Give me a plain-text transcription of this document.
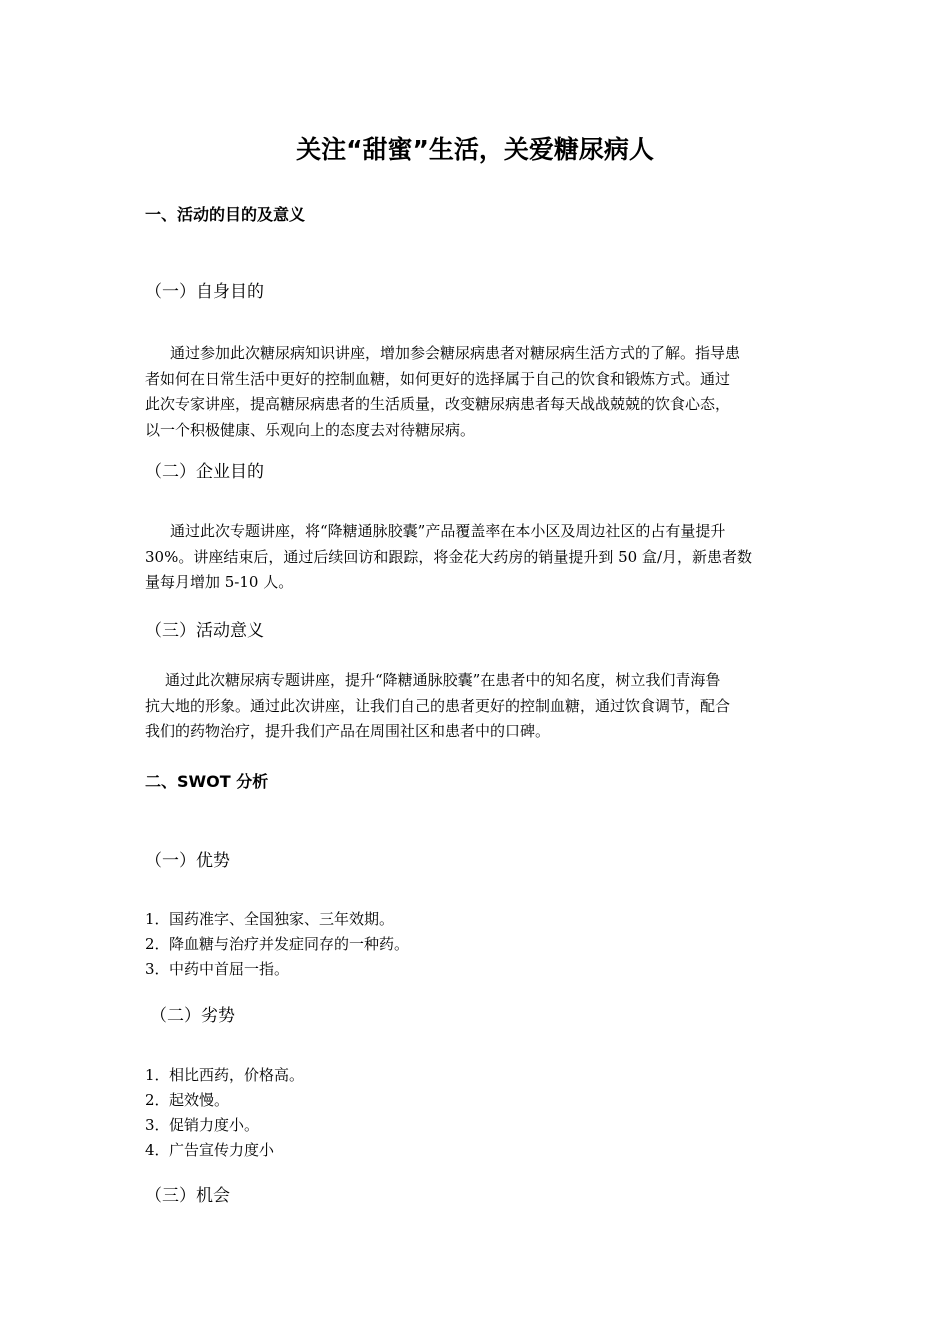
关注“甜蜜”生活，关爱糖尿病人
一、活动的目的及意义
（一）自身目的
通过参加此次糖尿病知识讲座，增加参会糖尿病患者对糖尿病生活方式的了解。指导患
者如何在日常生活中更好的控制血糖，如何更好的选择属于自己的饮食和锻炼方式。通过
此次专家讲座，提高糖尿病患者的生活质量，改变糖尿病患者每天战战兢兢的饮食心态，
以一个积极健康、乐观向上的态度去对待糖尿病。
（二）企业目的
通过此次专题讲座，将“降糖通脉胶囊”产品覆盖率在本小区及周边社区的占有量提升
30%。讲座结束后，通过后续回访和跟踪，将金花大药房的销量提升到 50 盒/月，新患者数
量每月增加 5-10 人。
（三）活动意义
通过此次糖尿病专题讲座，提升“降糖通脉胶囊”在患者中的知名度，树立我们青海鲁
抗大地的形象。通过此次讲座，让我们自己的患者更好的控制血糖，通过饮食调节，配合
我们的药物治疗，提升我们产品在周围社区和患者中的口碑。
二、SWOT 分析
（一）优势
1．国药准字、全国独家、三年效期。
2．降血糖与治疗并发症同存的一种药。
3．中药中首屈一指。
（二）劣势
1．相比西药，价格高。
2．起效慢。
3．促销力度小。
4．广告宣传力度小
（三）机会
